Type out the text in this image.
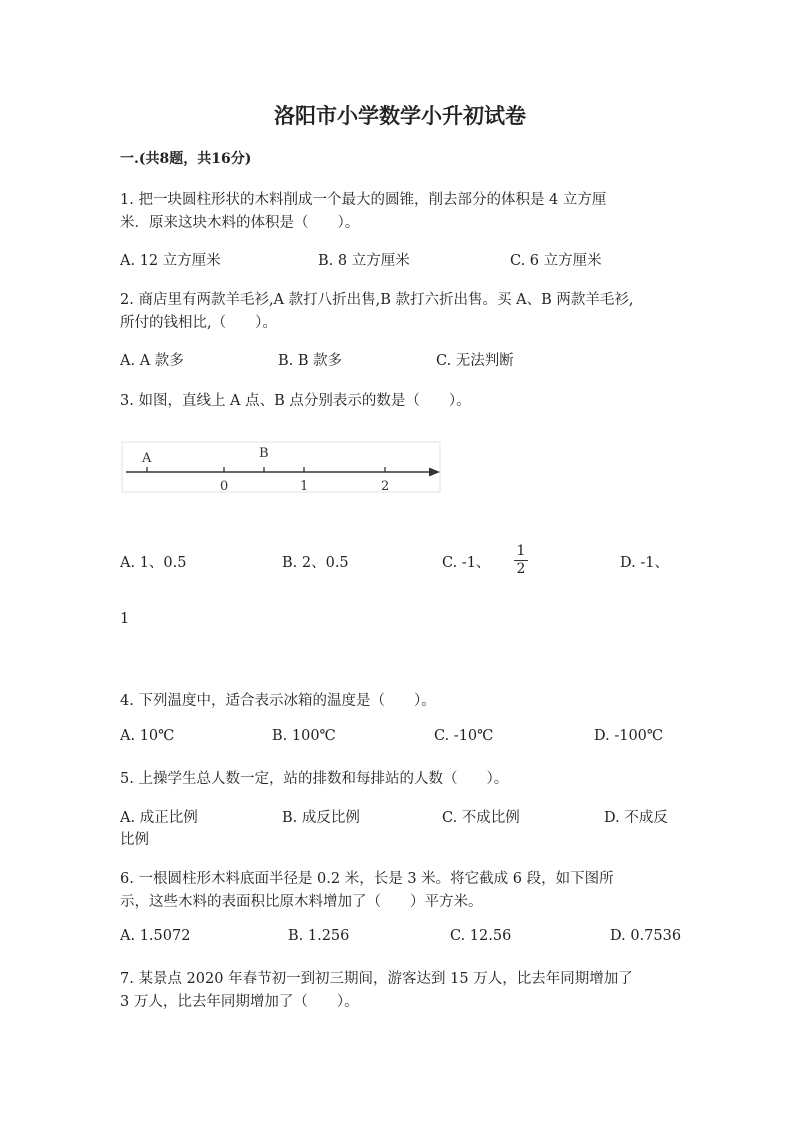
洛阳市小学数学小升初试卷
一.(共8题，共16分)
1. 把一块圆柱形状的木料削成一个最大的圆锥，削去部分的体积是 4 立方厘
米．原来这块木料的体积是（　　）。
A. 12 立方厘米	B. 8 立方厘米	C. 6 立方厘米
2. 商店里有两款羊毛衫,A 款打八折出售,B 款打六折出售。买 A、B 两款羊毛衫,
所付的钱相比,（　　）。
A. A 款多	B. B 款多	C. 无法判断
3. 如图，直线上 A 点、B 点分别表示的数是（　　）。
A	B
0	1	2
A. 1、0.5	B. 2、0.5	C. -1、
1
2	D. -1、
1
4. 下列温度中，适合表示冰箱的温度是（　　）。
A. 10℃	B. 100℃	C. -10℃	D. -100℃
5. 上操学生总人数一定，站的排数和每排站的人数（　　）。
A. 成正比例	B. 成反比例	C. 不成比例	D. 不成反
比例
6. 一根圆柱形木料底面半径是 0.2 米，长是 3 米。将它截成 6 段，如下图所
示，这些木料的表面积比原木料增加了（　　）平方米。
A. 1.5072	B. 1.256	C. 12.56	D. 0.7536
7. 某景点 2020 年春节初一到初三期间，游客达到 15 万人，比去年同期增加了
3 万人，比去年同期增加了（　　）。
